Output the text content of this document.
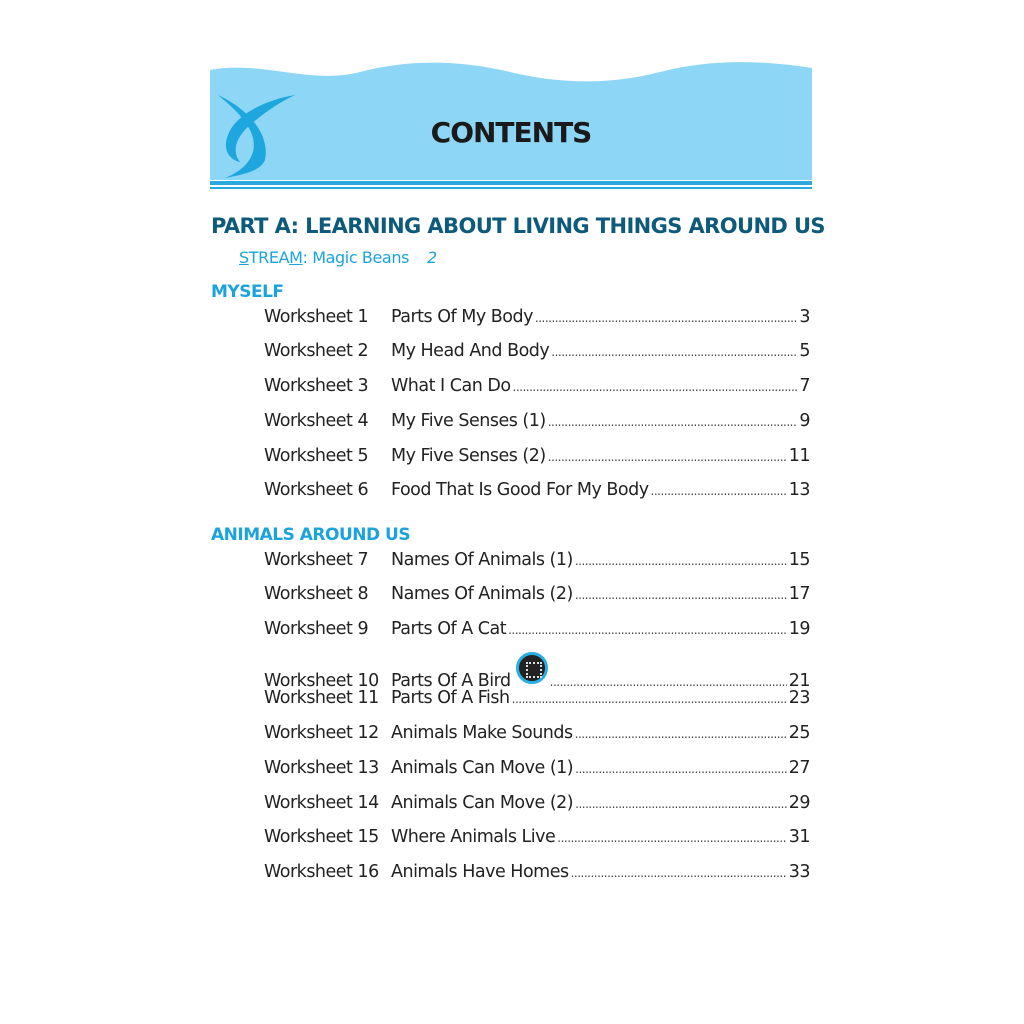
CONTENTS
PART A: LEARNING ABOUT LIVING THINGS AROUND US
STREAM: Magic Beans 2
MYSELF
Worksheet 1	Parts Of My Body .....	3
Worksheet 2	My Head And Body .....	5
Worksheet 3	What I Can Do .....	7
Worksheet 4	My Five Senses (1) .....	9
Worksheet 5	My Five Senses (2) .....	11
Worksheet 6	Food That Is Good For My Body .....	13
ANIMALS AROUND US
Worksheet 7	Names Of Animals (1) .....	15
Worksheet 8	Names Of Animals (2) .....	17
Worksheet 9	Parts Of A Cat .....	19
Worksheet 10 Parts Of A Bird .....	21
Worksheet 11 Parts Of A Fish .....	23
Worksheet 12 Animals Make Sounds .....	25
Worksheet 13 Animals Can Move (1) .....	27
Worksheet 14 Animals Can Move (2) .....	29
Worksheet 15 Where Animals Live .....	31
Worksheet 16 Animals Have Homes .....	33
